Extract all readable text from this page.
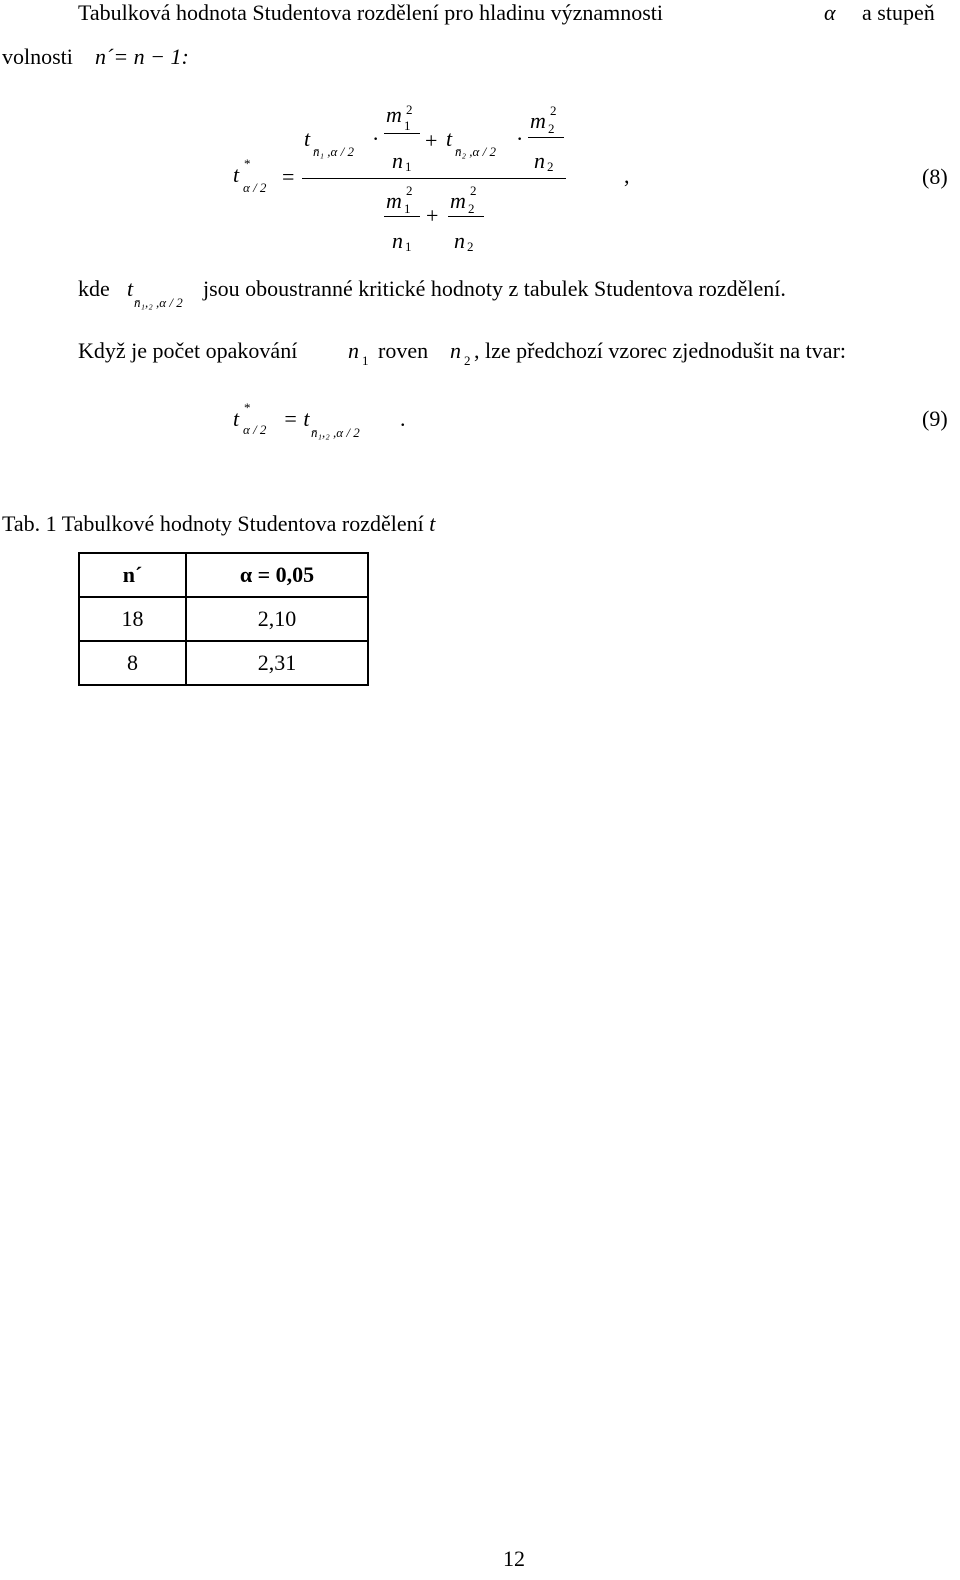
Tabulková hodnota Studentova rozdělení pro hladinu významnosti	α a stupeň
volnosti n´= n − 1:
t *
α / 2 =
t
n̄₁ ,α / 2
·
m 2
1
n 1
+ t
n̄₂ ,α / 2
·
m 2
2
n 2
m 2
1
n 1
+
m 2
2
n 2
,	(8)
kde t
n̄₁,₂ ,α / 2
jsou oboustranné kritické hodnoty z tabulek Studentova rozdělení.
Když je počet opakování n 1 roven n 2 , lze předchozí vzorec zjednodušit na tvar:
t *
α / 2 = t
n̄₁,₂ ,α / 2
.	(9)
Tab. 1 Tabulkové hodnoty Studentova rozdělení t
n´	α = 0,05
18	2,10
8	2,31
12
